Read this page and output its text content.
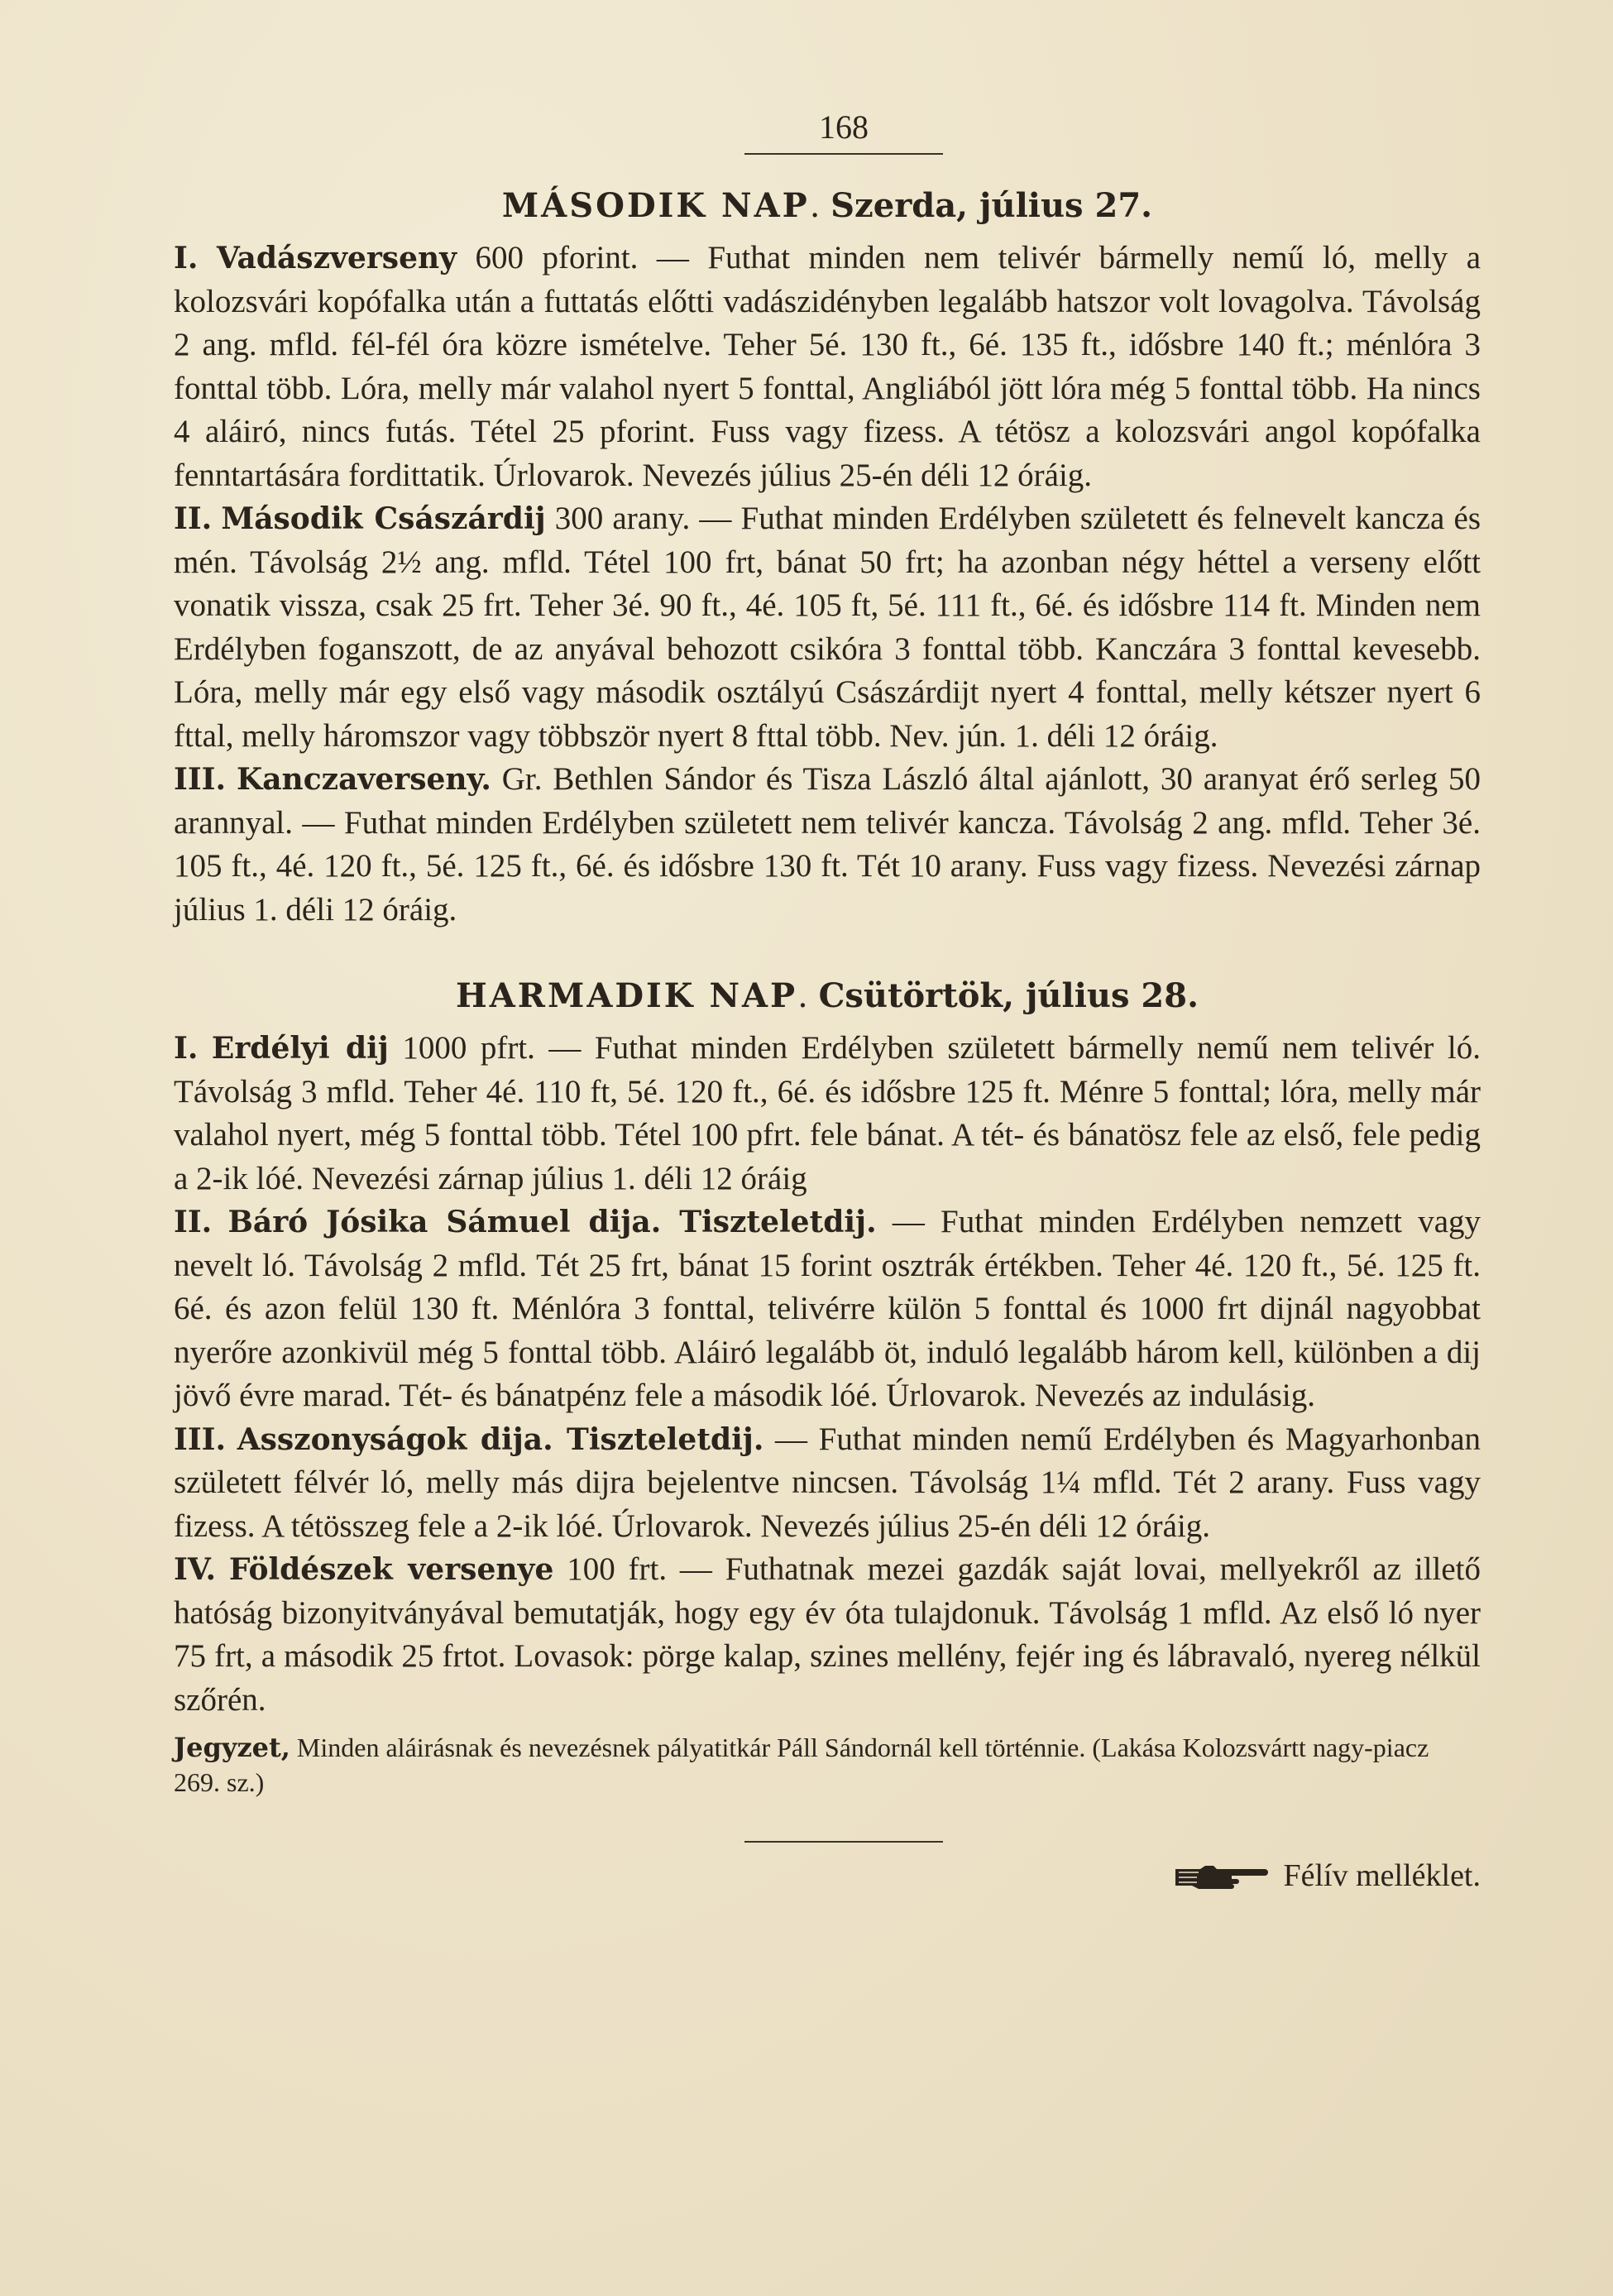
168
MÁSODIK NAP. Szerda, július 27.

I. Vadászverseny 600 pforint. — Futhat minden nem telivér bármelly nemű ló, melly a kolozsvári kopófalka után a futtatás előtti vadászidényben legalább hatszor volt lovagolva. Távolság 2 ang. mfld. fél-fél óra közre ismételve. Teher 5é. 130 ft., 6é. 135 ft., idősbre 140 ft.; ménlóra 3 fonttal több. Lóra, melly már valahol nyert 5 fonttal, Angliából jött lóra még 5 fonttal több. Ha nincs 4 aláiró, nincs futás. Tétel 25 pforint. Fuss vagy fizess. A tétösz a kolozsvári angol kopófalka fenntartására fordittatik. Úrlovarok. Nevezés július 25-én déli 12 óráig.

II. Második Császárdij 300 arany. — Futhat minden Erdélyben született és felnevelt kancza és mén. Távolság 2½ ang. mfld. Tétel 100 frt, bánat 50 frt; ha azonban négy héttel a verseny előtt vonatik vissza, csak 25 frt. Teher 3é. 90 ft., 4é. 105 ft, 5é. 111 ft., 6é. és idősbre 114 ft. Minden nem Erdélyben foganszott, de az anyával behozott csikóra 3 fonttal több. Kanczára 3 fonttal kevesebb. Lóra, melly már egy első vagy második osztályú Császárdijt nyert 4 fonttal, melly kétszer nyert 6 fttal, melly háromszor vagy többször nyert 8 fttal több. Nev. jún. 1. déli 12 óráig.

III. Kanczaverseny. Gr. Bethlen Sándor és Tisza László által ajánlott, 30 aranyat érő serleg 50 arannyal. — Futhat minden Erdélyben született nem telivér kancza. Távolság 2 ang. mfld. Teher 3é. 105 ft., 4é. 120 ft., 5é. 125 ft., 6é. és idősbre 130 ft. Tét 10 arany. Fuss vagy fizess. Nevezési zárnap július 1. déli 12 óráig.

HARMADIK NAP. Csütörtök, július 28.

I. Erdélyi dij 1000 pfrt. — Futhat minden Erdélyben született bármelly nemű nem telivér ló. Távolság 3 mfld. Teher 4é. 110 ft, 5é. 120 ft., 6é. és idősbre 125 ft. Ménre 5 fonttal; lóra, melly már valahol nyert, még 5 fonttal több. Tétel 100 pfrt. fele bánat. A tét- és bánatösz fele az első, fele pedig a 2-ik lóé. Nevezési zárnap július 1. déli 12 óráig

II. Báró Jósika Sámuel dija. Tiszteletdij. — Futhat minden Erdélyben nemzett vagy nevelt ló. Távolság 2 mfld. Tét 25 frt, bánat 15 forint osztrák értékben. Teher 4é. 120 ft., 5é. 125 ft. 6é. és azon felül 130 ft. Ménlóra 3 fonttal, telivérre külön 5 fonttal és 1000 frt dijnál nagyobbat nyerőre azonkivül még 5 fonttal több. Aláiró legalább öt, induló legalább három kell, különben a dij jövő évre marad. Tét- és bánatpénz fele a második lóé. Úrlovarok. Nevezés az indulásig.

III. Asszonyságok dija. Tiszteletdij. — Futhat minden nemű Erdélyben és Magyarhonban született félvér ló, melly más dijra bejelentve nincsen. Távolság 1¼ mfld. Tét 2 arany. Fuss vagy fizess. A tétösszeg fele a 2-ik lóé. Úrlovarok. Nevezés július 25-én déli 12 óráig.

IV. Földészek versenye 100 frt. — Futhatnak mezei gazdák saját lovai, mellyekről az illető hatóság bizonyitványával bemutatják, hogy egy év óta tulajdonuk. Távolság 1 mfld. Az első ló nyer 75 frt, a második 25 frtot. Lovasok: pörge kalap, szines mellény, fejér ing és lábravaló, nyereg nélkül szőrén.

Jegyzet, Minden aláirásnak és nevezésnek pályatitkár Páll Sándornál kell történnie. (Lakása Kolozsvártt nagy-piacz 269. sz.)

Félív melléklet.
